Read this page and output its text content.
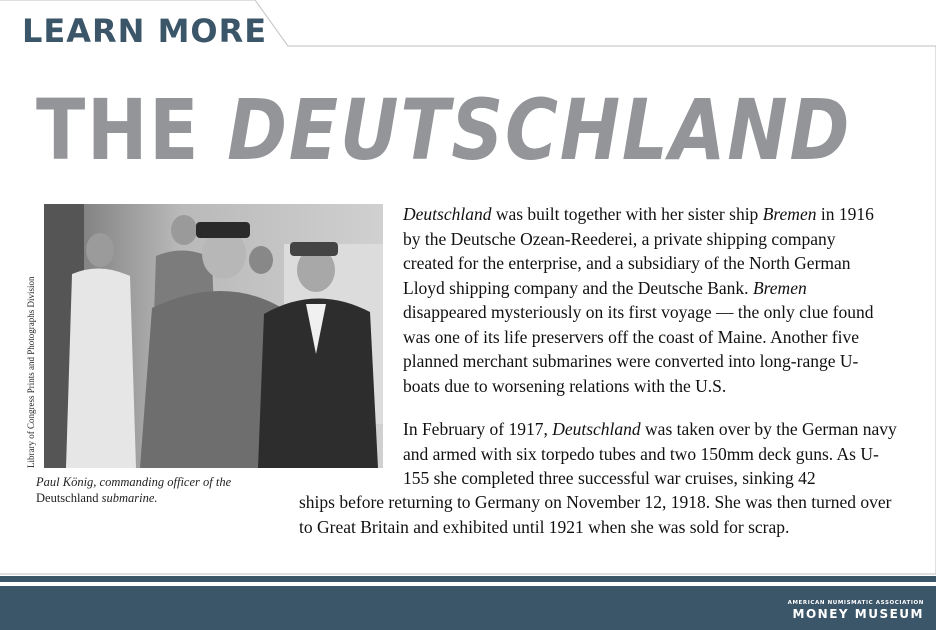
LEARN MORE
THE DEUTSCHLAND
Library of Congress Prints and Photographs Division
Paul König, commanding officer of the
Deutschland submarine.

Deutschland was built together with her sister ship Bremen in 1916 by the Deutsche Ozean-Reederei, a private shipping company created for the enterprise, and a subsidiary of the North German Lloyd shipping company and the Deutsche Bank. Bremen disappeared mysteriously on its first voyage — the only clue found was one of its life preservers off the coast of Maine. Another five planned merchant submarines were converted into long-range U-boats due to worsening relations with the U.S.

In February of 1917, Deutschland was taken over by the German navy and armed with six torpedo tubes and two 150mm deck guns. As U-155 she completed three successful war cruises, sinking 42
ships before returning to Germany on November 12, 1918. She was then turned over to Great Britain and exhibited until 1921 when she was sold for scrap.
AMERICAN NUMISMATIC ASSOCIATION
MONEY MUSEUM
